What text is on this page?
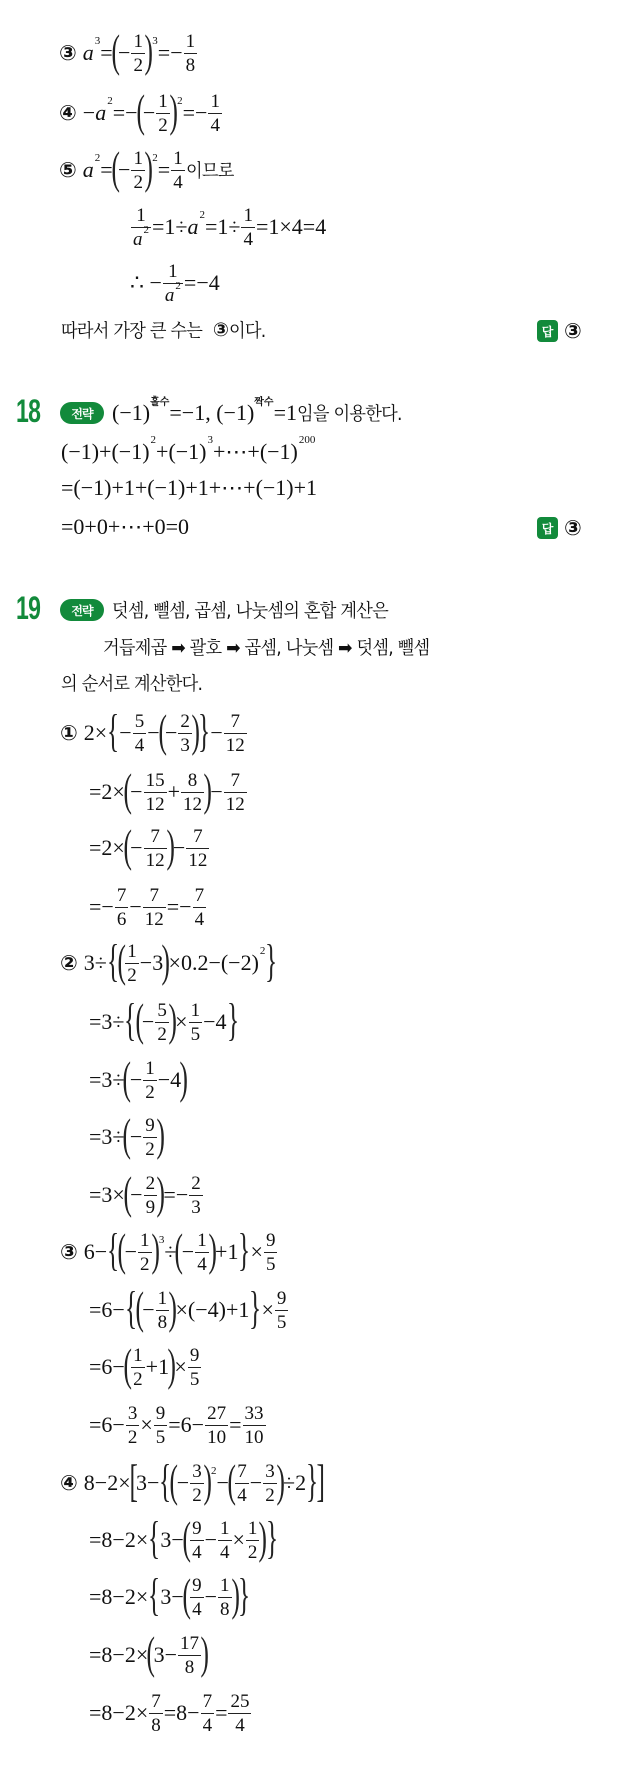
③ a 3 =
(
− $\frac{1}{2}$ ) $3 =- \frac{1}{8}$
④ − a 2 =−
(
− $\frac{1}{2}$ ) $2 =- \frac{1}{4}$
⑤ a 2 =
(
− $\frac{1}{2}$ ) $2 = \frac{1}{4}$ 이므로
$\frac{1}{a2} =1\div a$ $2 =1\div \frac{1}{4} =1\times 4=4$
∴ − $\frac{1}{a2} =-4$
따라서 가장 큰 수는 ③ 이다.	답 ③
18	전략 (−1) 홀수 =−1, (−1) 짝수 =1 임을 이용한다.
(−1)+(−1) 2 +(−1) 3 +⋯+(−1) 200
=(−1)+1+(−1)+1+⋯+(−1)+1
=0+0+⋯+0=0	답 ③
19	전략	덧셈, 뺄셈, 곱셈, 나눗셈의 혼합 계산은
거듭제곱 ➡ 괄호 ➡ 곱셈, 나눗셈 ➡ 덧셈, 뺄셈
의 순서로 계산한다.
① 2× { − $\frac{5}{4}$ −
(
− $\frac{2}{3}$ )
} − $\frac{7}{12}$
=2×
(
− $\frac{15}{12} + \frac{8}{12}$ )
− $\frac{7}{12}$
=2×
(
− $\frac{7}{12}$ )
− $\frac{7}{12}$
=− $\frac{7}{6} - \frac{7}{12} =- \frac{7}{4}$
② 3÷ {
( $\frac{1}{2} -3$
)
×0.2−(−2) 2 }
=3÷ {
(
− $\frac{5}{2}$ )
× $\frac{1}{5} -4$ }
=3÷
(
− $\frac{1}{2} -4$
)
=3÷
(
− $\frac{9}{2}$ )
=3×
(
− $\frac{2}{9}$ )
=− $\frac{2}{3}$
③ 6− {
(
− $\frac{1}{2}$ ) 3 ÷
(
− $\frac{1}{4}$ )
+1 } × $\frac{9}{5}$
=6− {
(
− $\frac{1}{8}$ )
×(−4)+1 } × $\frac{9}{5}$
=6−
( $\frac{1}{2} +1$
)
× $\frac{9}{5}$
$=6- \frac{3}{2} \times \frac{9}{5} =6- \frac{27}{10} = \frac{33}{10}$
④ 8−2×
[
3− {
(
− $\frac{3}{2}$ ) 2 −
( $\frac{7}{4} - \frac{3}{2}$ )
÷2 }
]
=8−2× { 3−
( $\frac{9}{4} - \frac{1}{4} \times \frac{1}{2}$ )
}
=8−2× { 3−
( $\frac{9}{4} - \frac{1}{8}$ )
}
=8−2×
(
$3- \frac{17}{8}$ )
$=8-2\times \frac{7}{8} =8- \frac{7}{4} = \frac{25}{4}$
